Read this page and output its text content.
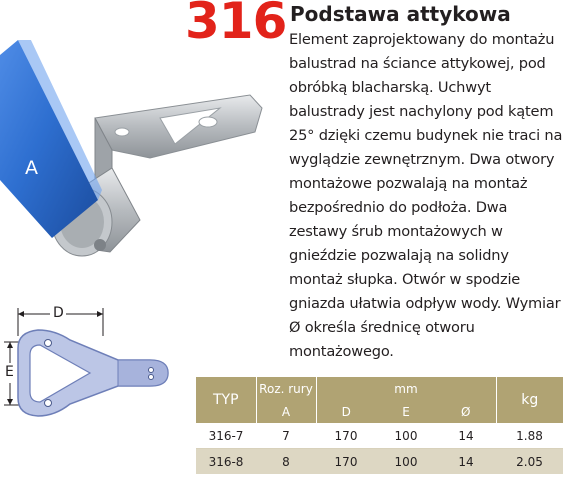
316 Podstawa attykowa
Element zaprojektowany do montażu balustrad na ściance attykowej, pod obróbką blacharską. Uchwyt balustrady jest nachylony pod kątem 25° dzięki czemu budynek nie traci na wyglądzie zewnętrznym. Dwa otwory montażowe pozwalają na montaż bezpośrednio do podłoża. Dwa zestawy śrub montażowych w gnieździe pozwalają na solidny montaż słupka. Otwór w spodzie gniazda ułatwia odpływ wody. Wymiar Ø określa średnicę otworu montażowego.
A
D
E
TYP	Roz. rury	mm			kg
	A	D	E	Ø	
316-7	7	170	100	14	1.88
316-8	8	170	100	14	2.05
